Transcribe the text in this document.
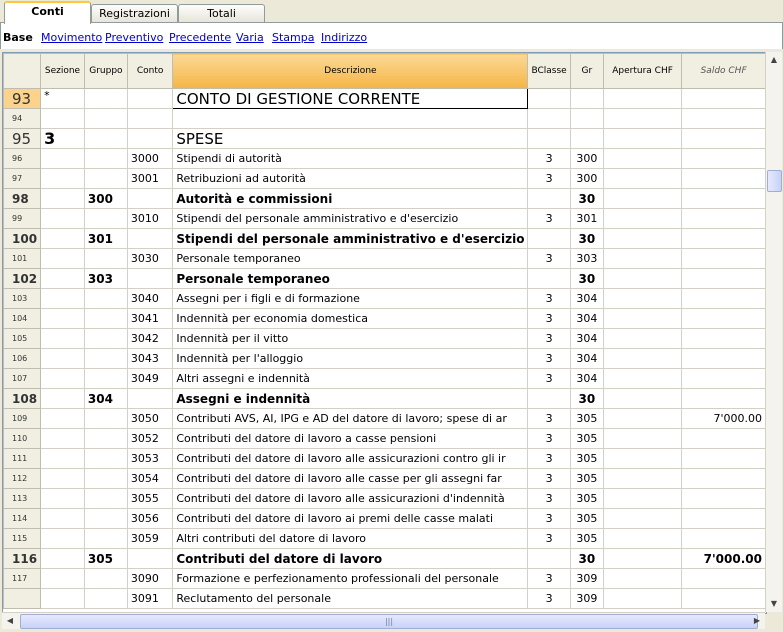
Conti	Registrazioni	Totali
Base Movimento Preventivo Precedente Varia Stampa Indirizzo
	Sezione	Gruppo	Conto	Descrizione	BClasse	Gr	Apertura CHF	Saldo CHF
93	*			CONTO DI GESTIONE CORRENTE				
94								
95	3			SPESE				
96			3000	Stipendi di autorità	3	300		
97			3001	Retribuzioni ad autorità	3	300		
98		300		Autorità e commissioni		30		
99			3010	Stipendi del personale amministrativo e d'esercizio	3	301		
100		301		Stipendi del personale amministrativo e d'esercizio		30		
101			3030	Personale temporaneo	3	303		
102		303		Personale temporaneo		30		
103			3040	Assegni per i figli e di formazione	3	304		
104			3041	Indennità per economia domestica	3	304		
105			3042	Indennità per il vitto	3	304		
106			3043	Indennità per l'alloggio	3	304		
107			3049	Altri assegni e indennità	3	304		
108		304		Assegni e indennità		30		
109			3050	Contributi AVS, AI, IPG e AD del datore di lavoro; spese di ar	3	305		7'000.00
110			3052	Contributi del datore di lavoro a casse pensioni	3	305		
111			3053	Contributi del datore di lavoro alle assicurazioni contro gli ir	3	305		
112			3054	Contributi del datore di lavoro alle casse per gli assegni far	3	305		
113			3055	Contributi del datore di lavoro alle assicurazioni d'indennità	3	305		
114			3056	Contributi del datore di lavoro ai premi delle casse malati	3	305		
115			3059	Altri contributi del datore di lavoro	3	305		
116		305		Contributi del datore di lavoro		30		7'000.00
117			3090	Formazione e perfezionamento professionali del personale	3	309		
			3091	Reclutamento del personale	3	309		
▲
▼
◀	|||	▶
